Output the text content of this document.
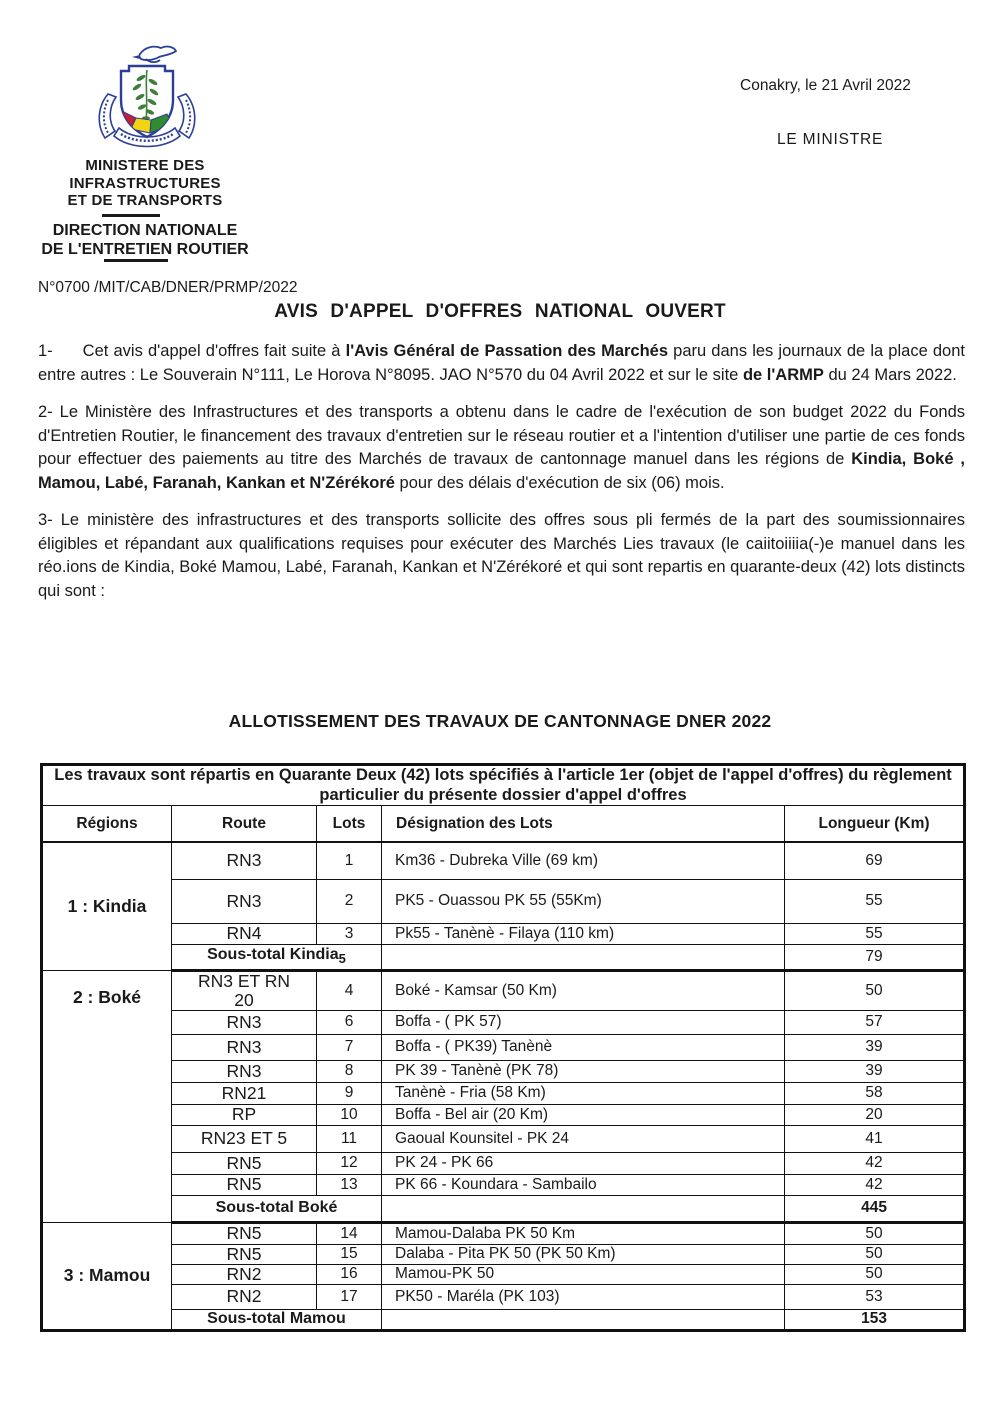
MINISTERE DES
INFRASTRUCTURES
ET DE TRANSPORTS
DIRECTION NATIONALE
DE L'ENTRETIEN ROUTIER
Conakry, le 21 Avril 2022
LE MINISTRE
N°0700 /MIT/CAB/DNER/PRMP/2022
AVIS D'APPEL D'OFFRES NATIONAL OUVERT

1- Cet avis d'appel d'offres fait suite à l'Avis Général de Passation des Marchés paru dans les journaux de la place dont entre autres : Le Souverain N°111, Le Horova N°8095. JAO N°570 du 04 Avril 2022 et sur le site de l'ARMP du 24 Mars 2022.

2- Le Ministère des Infrastructures et des transports a obtenu dans le cadre de l'exécution de son budget 2022 du Fonds d'Entretien Routier, le financement des travaux d'entretien sur le réseau routier et a l'intention d'utiliser une partie de ces fonds pour effectuer des paiements au titre des Marchés de travaux de cantonnage manuel dans les régions de Kindia, Boké , Mamou, Labé, Faranah, Kankan et N'Zérékoré pour des délais d'exécution de six (06) mois.

3- Le ministère des infrastructures et des transports sollicite des offres sous pli fermés de la part des soumissionnaires éligibles et répandant aux qualifications requises pour exécuter des Marchés Lies travaux (le caiitoiiiia(-)e manuel dans les réo.ions de Kindia, Boké Mamou, Labé, Faranah, Kankan et N'Zérékoré et qui sont repartis en quarante-deux (42) lots distincts qui sont :

ALLOTISSEMENT DES TRAVAUX DE CANTONNAGE DNER 2022
Les travaux sont répartis en Quarante Deux (42) lots spécifiés à l'article 1er (objet de l'appel d'offres) du règlement particulier du présente dossier d'appel d'offres				
Régions	Route	Lots	Désignation des Lots	Longueur (Km)
1 : Kindia	RN3	1	Km36 - Dubreka Ville (69 km)	69

	RN3	2	PK5 - Ouassou PK 55 (55Km)	55

	RN4	3	Pk55 - Tanènè - Filaya (110 km)	55
	Sous-total Kindia$_5$			79
2 : Boké	RN3 ET RN 20	4	Boké - Kamsar (50 Km)	50

	RN3	6	Boffa - ( PK 57)	57

	RN3	7	Boffa - ( PK39) Tanènè	39

	RN3	8	PK 39 - Tanènè (PK 78)	39

	RN21	9	Tanènè - Fria (58 Km)	58

	RP	10	Boffa - Bel air (20 Km)	20

	RN23 ET 5	11	Gaoual Kounsitel - PK 24	41

	RN5	12	PK 24 - PK 66	42

	RN5	13	PK 66 - Koundara - Sambailo	42
	Sous-total Boké			445
3 : Mamou	RN5	14	Mamou-Dalaba PK 50 Km	50

	RN5	15	Dalaba - Pita PK 50 (PK 50 Km)	50

	RN2	16	Mamou-PK 50	50

	RN2	17	PK50 - Maréla (PK 103)	53
	Sous-total Mamou			153
